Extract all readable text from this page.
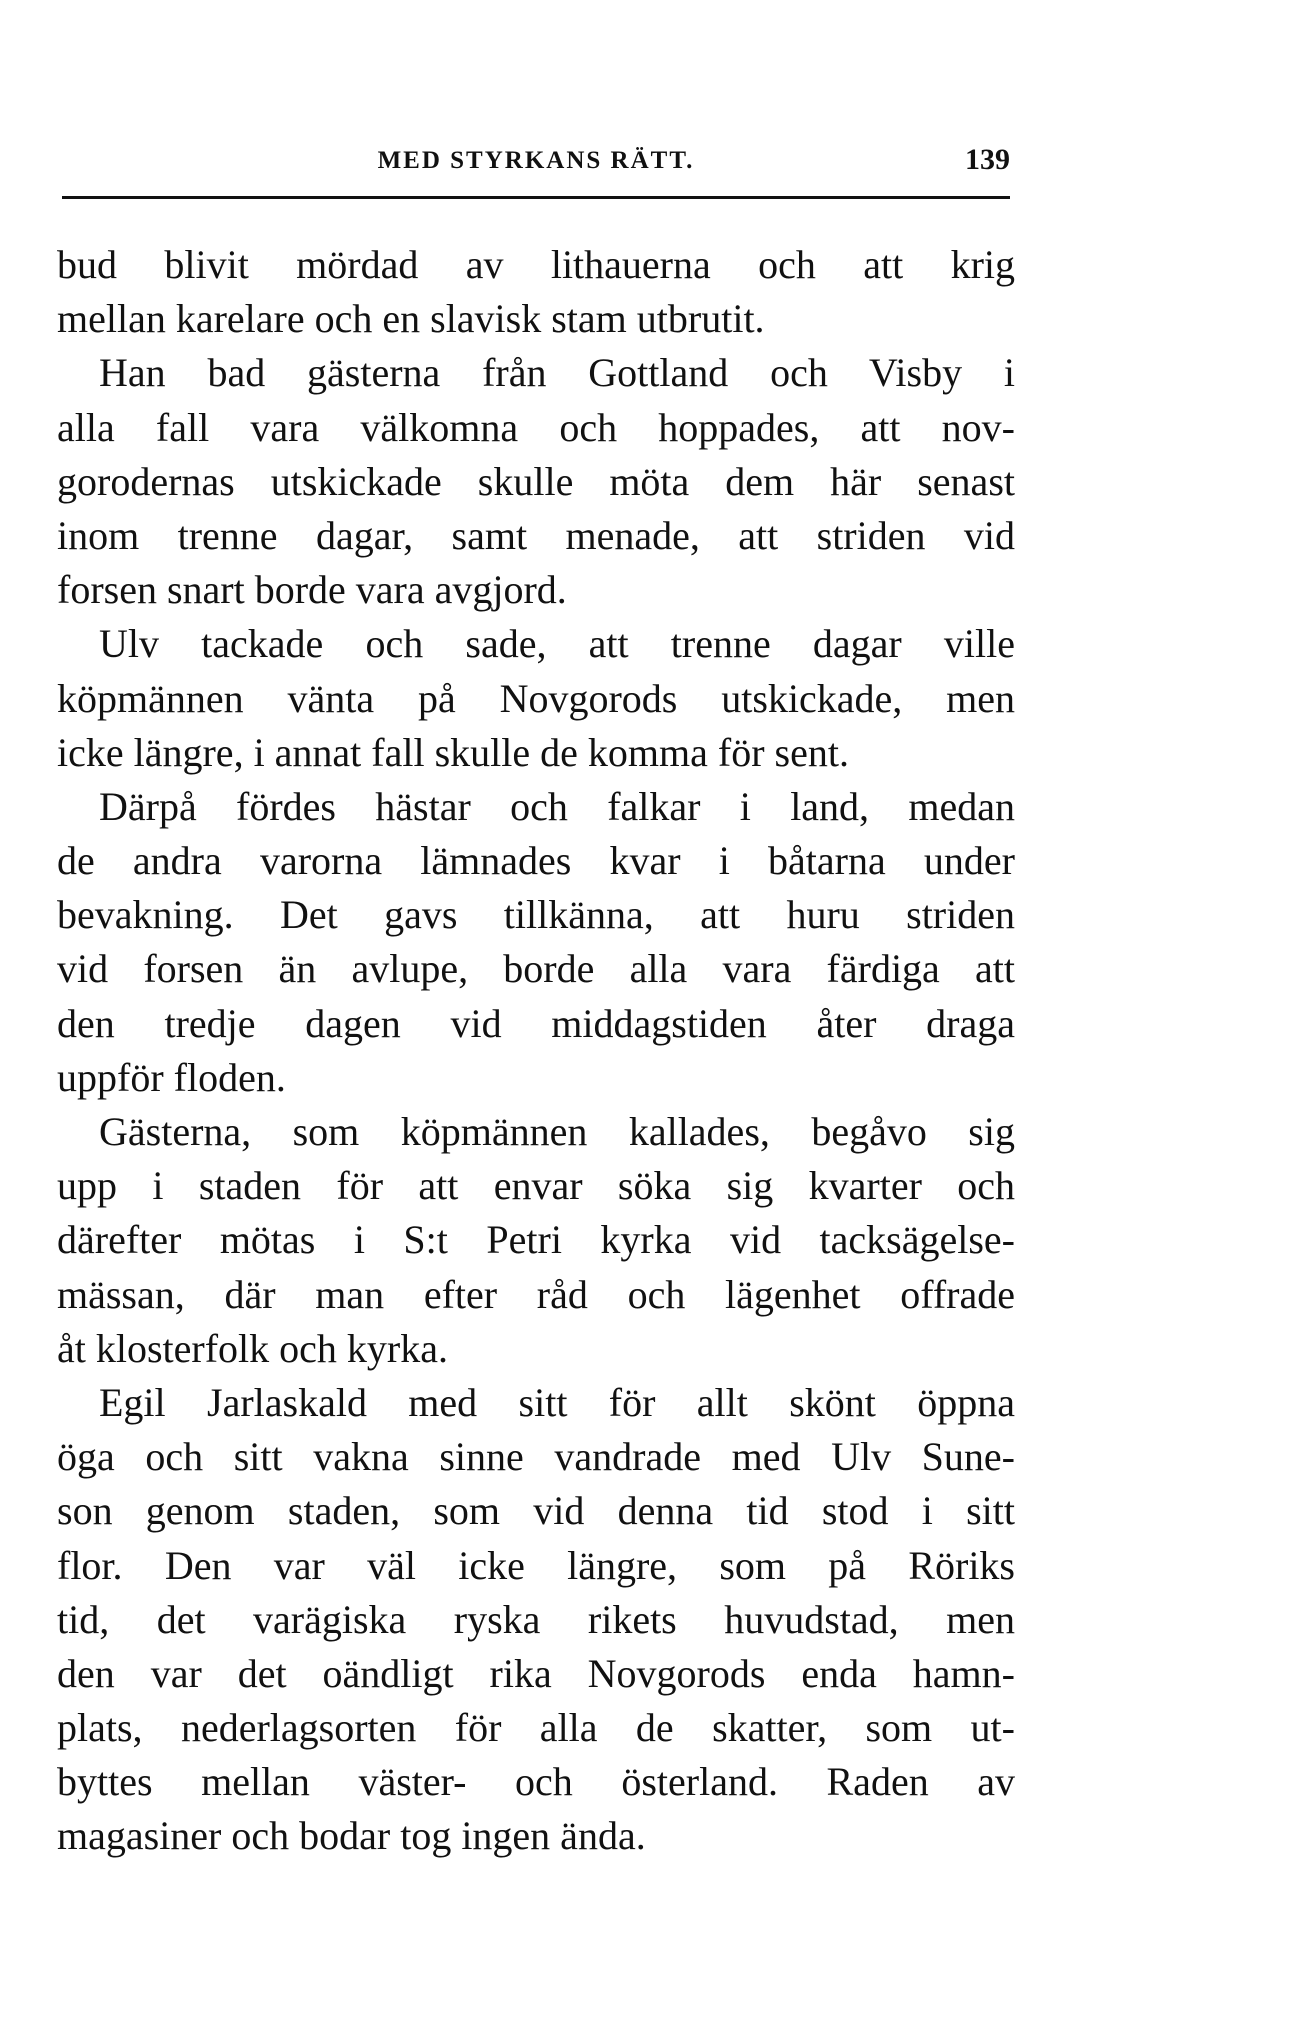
MED STYRKANS RÄTT.	139
bud blivit mördad av lithauerna och att krig
mellan karelare och en slavisk stam utbrutit.
Han bad gästerna från Gottland och Visby i
alla fall vara välkomna och hoppades, att nov-
gorodernas utskickade skulle möta dem här senast
inom trenne dagar, samt menade, att striden vid
forsen snart borde vara avgjord.
Ulv tackade och sade, att trenne dagar ville
köpmännen vänta på Novgorods utskickade, men
icke längre, i annat fall skulle de komma för sent.
Därpå fördes hästar och falkar i land, medan
de andra varorna lämnades kvar i båtarna under
bevakning. Det gavs tillkänna, att huru striden
vid forsen än avlupe, borde alla vara färdiga att
den tredje dagen vid middagstiden åter draga
uppför floden.
Gästerna, som köpmännen kallades, begåvo sig
upp i staden för att envar söka sig kvarter och
därefter mötas i S:t Petri kyrka vid tacksägelse-
mässan, där man efter råd och lägenhet offrade
åt klosterfolk och kyrka.
Egil Jarlaskald med sitt för allt skönt öppna
öga och sitt vakna sinne vandrade med Ulv Sune-
son genom staden, som vid denna tid stod i sitt
flor. Den var väl icke längre, som på Röriks
tid, det varägiska ryska rikets huvudstad, men
den var det oändligt rika Novgorods enda hamn-
plats, nederlagsorten för alla de skatter, som ut-
byttes mellan väster- och österland. Raden av
magasiner och bodar tog ingen ända.
